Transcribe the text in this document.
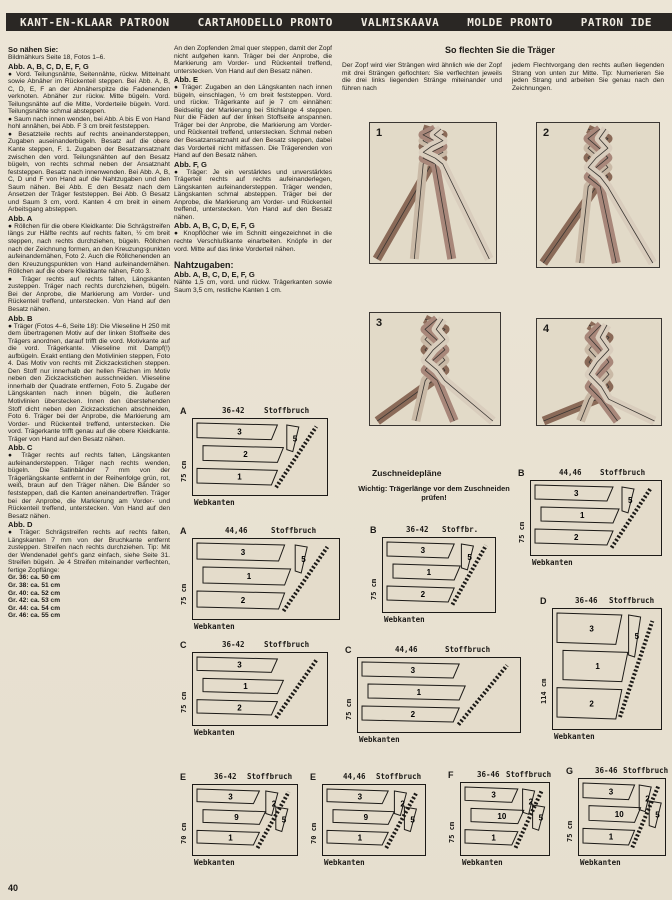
KANT-EN-KLAAR PATROON	CARTAMODELLO PRONTO	VALMISKAAVA	MOLDE PRONTO	PATRON IDE
So nähen Sie:

Bildmähkurs Seite 18, Fotos 1–6.

Abb. A, B, C, D, E, F, G

● Vord. Teilungsnähte, Seitennähte, rückw. Mittelnaht sowie Abnäher im Rückenteil steppen. Bei Abb. A, B, C, D, E, F an der Abnäherspitze die Fadenenden verknoten. Abnäher zur rückw. Mitte bügeln. Vord. Teilungsnähte auf die Mitte, Vorderteile bügeln. Vord. Teilungsnähte schmal absteppen.

● Saum nach innen wenden, bei Abb. A bis E von Hand hohl annähen, bei Abb. F 3 cm breit feststeppen.

● Besatzteile rechts auf rechts aneinandersteppen, Zugaben auseinanderbügeln. Besatz auf die obere Kante steppen, F. 1. Zugaben der Besatzansatznaht zwischen den vord. Teilungsnähten auf den Besatz bügeln, von rechts schmal neben der Ansatznaht feststeppen. Besatz nach innenwenden. Bei Abb. A, B, C, D und F von Hand auf die Nahtzugaben und den Saum nähen. Bei Abb. E den Besatz nach dem Ansetzen der Träger feststeppen. Bei Abb. G Besatz und Saum 3 cm, vord. Kanten 4 cm breit in einem Arbeitsgang absteppen.

Abb. A

● Röllchen für die obere Kleidkante: Die Schrägstreifen längs zur Hälfte rechts auf rechts falten, ½ cm breit steppen, nach rechts durchziehen, bügeln. Röllchen nach der Zeichnung formen, an den Kreuzungspunkten aufeinandernähen, Foto 2. Auch die Röllchenenden an den Kreuzungspunkten von Hand aufeinandernähen. Röllchen auf die obere Kleidkante nähen, Foto 3.

● Träger rechts auf rechts falten, Längskanten zusteppen. Träger nach rechts durchziehen, bügeln. Bei der Anprobe, die Markierung am Vorder- und Rückenteil treffend, unterstecken. Von Hand auf den Besatz nähen.

Abb. B

● Träger (Fotos 4–6, Seite 18): Die Vlieseline H 250 mit dem übertragenen Motiv auf der linken Stoffseite des Trägers anordnen, darauf trifft die vord. Motivkante auf die vord. Trägerkante. Vlieseline mit Dampf(!) aufbügeln. Exakt entlang den Motivlinien steppen, Foto 4. Das Motiv von rechts mit Zickzackstichen steppen. Den Stoff nur innerhalb der hellen Flächen im Motiv neben den Zickzackstichen ausschneiden. Vlieseline innerhalb der Quadrate entfernen, Foto 5. Zugabe der Längskanten nach innen bügeln, die äußeren Motivlinien überstecken. Innen den überstehenden Stoff dicht neben den Zickzackstichen abschneiden, Foto 6. Träger bei der Anprobe, die Markierung am Vorder- und Rückenteil treffend, unterstecken. Die vord. Trägerkante trifft genau auf die obere Kleidkante. Träger von Hand auf den Besatz nähen.

Abb. C

● Träger rechts auf rechts falten, Längskanten aufeinandersteppen. Träger nach rechts wenden, bügeln. Die Satinbänder 7 mm von der Trägerlängskante entfernt in der Reihenfolge grün, rot, weiß, braun auf den Träger nähen. Die Bänder so feststeppen, daß die Kanten aneinandertreffen. Träger bei der Anprobe, die Markierung am Vorder- und Rückenteil treffend, unterstecken. Von Hand auf den Besatz nähen.

Abb. D

● Träger: Schrägstreifen rechts auf rechts falten, Längskanten 7 mm von der Bruchkante entfernt zusteppen. Streifen nach rechts durchziehen. Tip: Mit der Wendenadel geht's ganz einfach, siehe Seite 31. Streifen bügeln. Je 4 Streifen miteinander verflechten, fertige Zopflänge:

Gr. 36: ca. 50 cm
Gr. 38: ca. 51 cm
Gr. 40: ca. 52 cm
Gr. 42: ca. 53 cm
Gr. 44: ca. 54 cm
Gr. 46: ca. 55 cm

An den Zopfenden 2mal quer steppen, damit der Zopf nicht aufgehen kann. Träger bei der Anprobe, die Markierung am Vorder- und Rückenteil treffend, unterstecken. Von Hand auf den Besatz nähen.

Abb. E

● Träger: Zugaben an den Längskanten nach innen bügeln, einschlagen, ½ cm breit feststeppen. Vord. und rückw. Trägerkante auf je 7 cm einnähen: Beidseitig der Markierung bei Stichlänge 4 steppen. Nur die Fäden auf der linken Stoffseite anspannen. Träger bei der Anprobe, die Markierung am Vorder- und Rückenteil treffend, unterstecken. Schmal neben der Besatzansatznaht auf den Besatz steppen, dabei das Vorderteil nicht mitfassen. Die Trägerenden von Hand auf den Besatz nähen.

Abb. F, G

● Träger: Je ein verstärktes und unverstärktes Trägerteil rechts auf rechts aufeinanderlegen, Längskanten aufeinandersteppen. Träger wenden, Längskanten schmal absteppen. Träger bei der Anprobe, die Markierung am Vorder- und Rückenteil treffend, unterstecken. Von Hand auf den Besatz nähen.

Abb. A, B, C, D, E, F, G

● Knopflöcher wie im Schnitt eingezeichnet in die rechte Verschlußkante einarbeiten. Knöpfe in der vord. Mitte auf das linke Vorderteil nähen.

Nahtzugaben:
Abb. A, B, C, D, E, F, G

Nähte 1,5 cm, vord. und rückw. Trägerkanten sowie Saum 3,5 cm, restliche Kanten 1 cm.

So flechten Sie die Träger
Der Zopf wird vier Strängen wird ähnlich wie der Zopf mit drei Strängen geflochten: Sie verflechten jeweils die drei links liegenden Stränge miteinander und führen nach
jedem Flechtvorgang den rechts außen liegenden Strang von unten zur Mitte. Tip: Numerieren Sie jeden Strang und arbeiten Sie genau nach den Zeichnungen.
1	2
3	4
Zuschneidepläne
Wichtig: Trägerlänge vor dem Zuschneiden prüfen!
A	36-42	Stoffbruch
75 cm
3
2
1
5
Webkanten
B	44,46 Stoffbruch
75 cm
3
1
2
5
Webkanten
A	44,46	Stoffbruch
75 cm
3
1
2
5
Webkanten
B	36-42 Stoffbr.
75 cm
3
1
2
5
Webkanten
D	36-46 Stoffbruch
114 cm
3
1
2
5
Webkanten
C	36-42	Stoffbruch
75 cm
3
1
2
Webkanten
C	44,46	Stoffbruch
75 cm
3
1
2
Webkanten
E	36-42 Stoffbruch
70 cm
3
9
1
2
5
Webkanten
E	44,46 Stoffbruch
70 cm
3
9
1
2
5
Webkanten
F	36-46 Stoffbruch
75 cm
3
10
1
2
5
Webkanten
G	36-46 Stoffbruch
75 cm
3
10
1
2
5
Webkanten
40
